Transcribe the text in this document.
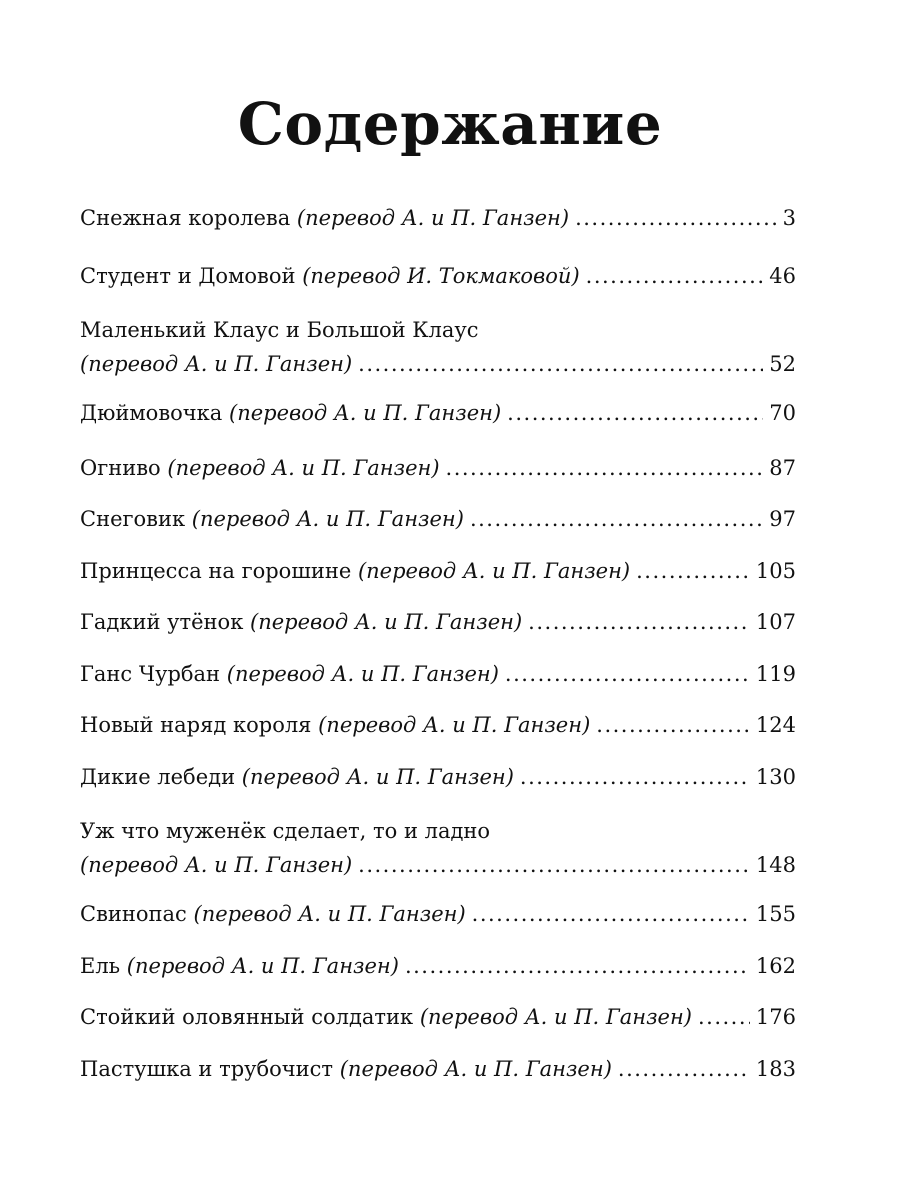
Содержание
Снежная королева (перевод А. и П. Ганзен) .....	3
Студент и Домовой (перевод И. Токмаковой) .....	46
Маленький Клаус и Большой Клаус
(перевод А. и П. Ганзен) .....	52
Дюймовочка (перевод А. и П. Ганзен) .....	70
Огниво (перевод А. и П. Ганзен) .....	87
Снеговик (перевод А. и П. Ганзен) .....	97
Принцесса на горошине (перевод А. и П. Ганзен) .....	105
Гадкий утёнок (перевод А. и П. Ганзен) .....	107
Ганс Чурбан (перевод А. и П. Ганзен) .....	119
Новый наряд короля (перевод А. и П. Ганзен) .....	124
Дикие лебеди (перевод А. и П. Ганзен) .....	130
Уж что муженёк сделает, то и ладно
(перевод А. и П. Ганзен) .....	148
Свинопас (перевод А. и П. Ганзен) .....	155
Ель (перевод А. и П. Ганзен) .....	162
Стойкий оловянный солдатик (перевод А. и П. Ганзен) .....	176
Пастушка и трубочист (перевод А. и П. Ганзен) .....	183
